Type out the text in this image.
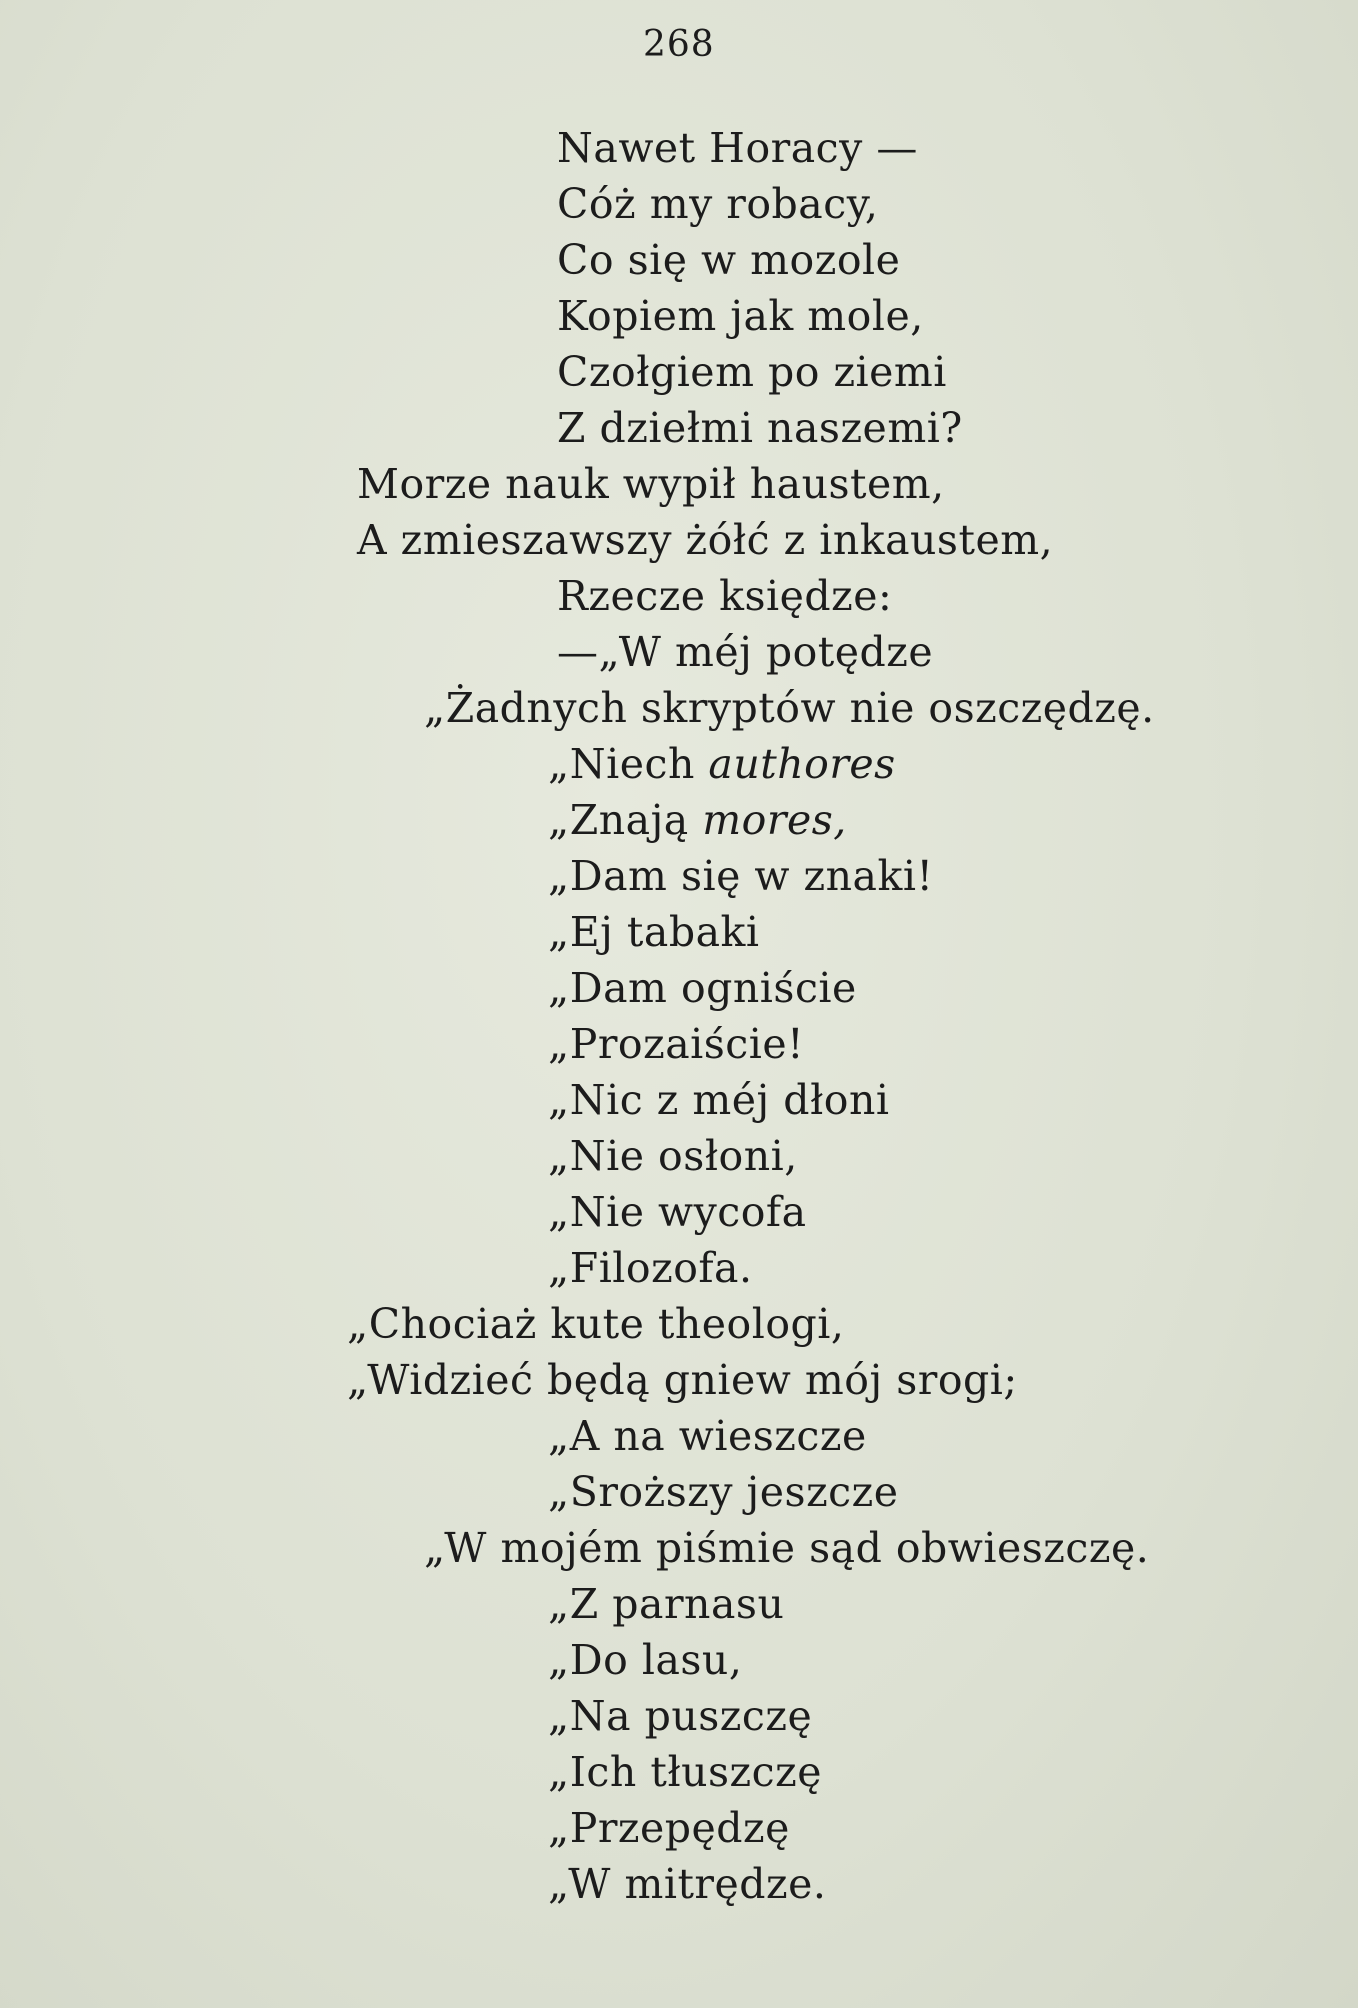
268
Nawet Horacy —
Cóż my robacy,
Co się w mozole
Kopiem jak mole,
Czołgiem po ziemi
Z dziełmi naszemi?
Morze nauk wypił haustem,
A zmieszawszy żółć z inkaustem,
Rzecze księdze:
—„W méj potędze
„Żadnych skryptów nie oszczędzę.
„Niech authores
„Znają mores,
„Dam się w znaki!
„Ej tabaki
„Dam ogniście
„Prozaiście!
„Nic z méj dłoni
„Nie osłoni,
„Nie wycofa
„Filozofa.
„Chociaż kute theologi,
„Widzieć będą gniew mój srogi;
„A na wieszcze
„Sroższy jeszcze
„W mojém piśmie sąd obwieszczę.
„Z parnasu
„Do lasu,
„Na puszczę
„Ich tłuszczę
„Przepędzę
„W mitrędze.
